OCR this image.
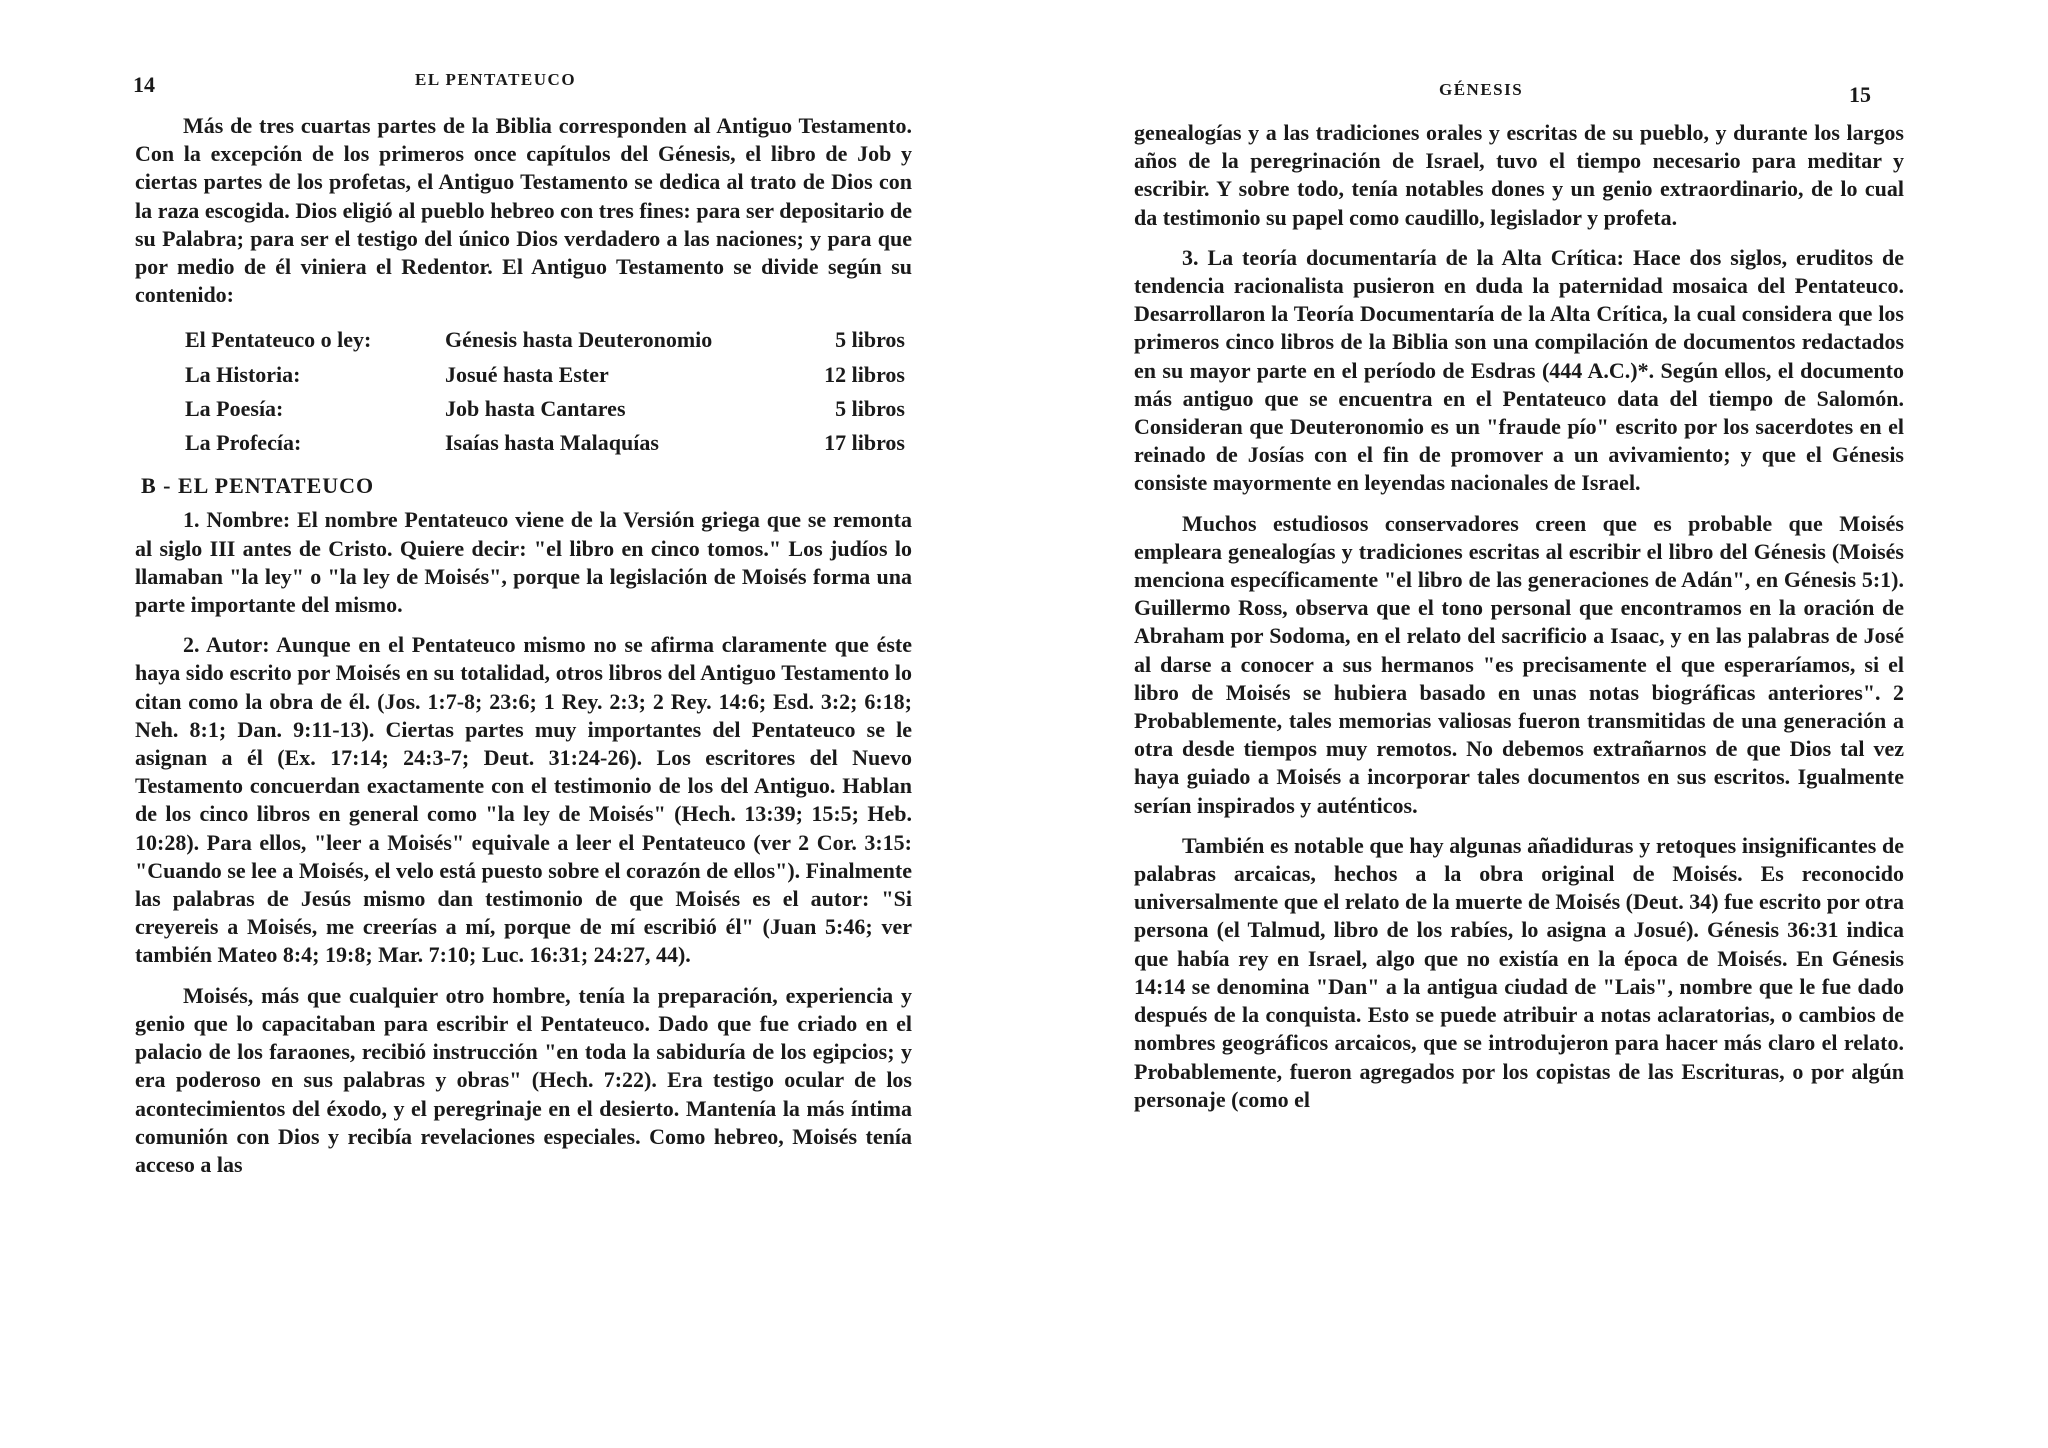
14	EL PENTATEUCO

Más de tres cuartas partes de la Biblia corresponden al Antiguo Testamento. Con la excepción de los primeros once capítulos del Génesis, el libro de Job y ciertas partes de los profetas, el Antiguo Testamento se dedica al trato de Dios con la raza escogida. Dios eligió al pueblo hebreo con tres fines: para ser depositario de su Palabra; para ser el testigo del único Dios verdadero a las naciones; y para que por medio de él viniera el Redentor. El Antiguo Testamento se divide según su contenido:

El Pentateuco o ley:	Génesis hasta Deuteronomio	5 libros
La Historia:	Josué hasta Ester	12 libros
La Poesía:	Job hasta Cantares	5 libros
La Profecía:	Isaías hasta Malaquías	17 libros
B - EL PENTATEUCO

1. Nombre: El nombre Pentateuco viene de la Versión griega que se remonta al siglo III antes de Cristo. Quiere decir: "el libro en cinco tomos." Los judíos lo llamaban "la ley" o "la ley de Moisés", porque la legislación de Moisés forma una parte importante del mismo.

2. Autor: Aunque en el Pentateuco mismo no se afirma claramente que éste haya sido escrito por Moisés en su totalidad, otros libros del Antiguo Testamento lo citan como la obra de él. (Jos. 1:7-8; 23:6; 1 Rey. 2:3; 2 Rey. 14:6; Esd. 3:2; 6:18; Neh. 8:1; Dan. 9:11-13). Ciertas partes muy importantes del Pentateuco se le asignan a él (Ex. 17:14; 24:3-7; Deut. 31:24-26). Los escritores del Nuevo Testamento concuerdan exactamente con el testimonio de los del Antiguo. Hablan de los cinco libros en general como "la ley de Moisés" (Hech. 13:39; 15:5; Heb. 10:28). Para ellos, "leer a Moisés" equivale a leer el Pentateuco (ver 2 Cor. 3:15: "Cuando se lee a Moisés, el velo está puesto sobre el corazón de ellos"). Finalmente las palabras de Jesús mismo dan testimonio de que Moisés es el autor: "Si creyereis a Moisés, me creerías a mí, porque de mí escribió él" (Juan 5:46; ver también Mateo 8:4; 19:8; Mar. 7:10; Luc. 16:31; 24:27, 44).

Moisés, más que cualquier otro hombre, tenía la preparación, experiencia y genio que lo capacitaban para escribir el Pentateuco. Dado que fue criado en el palacio de los faraones, recibió instrucción "en toda la sabiduría de los egipcios; y era poderoso en sus palabras y obras" (Hech. 7:22). Era testigo ocular de los acontecimientos del éxodo, y el peregrinaje en el desierto. Mantenía la más íntima comunión con Dios y recibía revelaciones especiales. Como hebreo, Moisés tenía acceso a las

GÉNESIS	15

genealogías y a las tradiciones orales y escritas de su pueblo, y durante los largos años de la peregrinación de Israel, tuvo el tiempo necesario para meditar y escribir. Y sobre todo, tenía notables dones y un genio extraordinario, de lo cual da testimonio su papel como caudillo, legislador y profeta.

3. La teoría documentaría de la Alta Crítica: Hace dos siglos, eruditos de tendencia racionalista pusieron en duda la paternidad mosaica del Pentateuco. Desarrollaron la Teoría Documentaría de la Alta Crítica, la cual considera que los primeros cinco libros de la Biblia son una compilación de documentos redactados en su mayor parte en el período de Esdras (444 A.C.)*. Según ellos, el documento más antiguo que se encuentra en el Pentateuco data del tiempo de Salomón. Consideran que Deuteronomio es un "fraude pío" escrito por los sacerdotes en el reinado de Josías con el fin de promover a un avivamiento; y que el Génesis consiste mayormente en leyendas nacionales de Israel.

Muchos estudiosos conservadores creen que es probable que Moisés empleara genealogías y tradiciones escritas al escribir el libro del Génesis (Moisés menciona específicamente "el libro de las generaciones de Adán", en Génesis 5:1). Guillermo Ross, observa que el tono personal que encontramos en la oración de Abraham por Sodoma, en el relato del sacrificio a Isaac, y en las palabras de José al darse a conocer a sus hermanos "es precisamente el que esperaríamos, si el libro de Moisés se hubiera basado en unas notas biográficas anteriores". 2 Probablemente, tales memorias valiosas fueron transmitidas de una generación a otra desde tiempos muy remotos. No debemos extrañarnos de que Dios tal vez haya guiado a Moisés a incorporar tales documentos en sus escritos. Igualmente serían inspirados y auténticos.

También es notable que hay algunas añadiduras y retoques insignificantes de palabras arcaicas, hechos a la obra original de Moisés. Es reconocido universalmente que el relato de la muerte de Moisés (Deut. 34) fue escrito por otra persona (el Talmud, libro de los rabíes, lo asigna a Josué). Génesis 36:31 indica que había rey en Israel, algo que no existía en la época de Moisés. En Génesis 14:14 se denomina "Dan" a la antigua ciudad de "Lais", nombre que le fue dado después de la conquista. Esto se puede atribuir a notas aclaratorias, o cambios de nombres geográficos arcaicos, que se introdujeron para hacer más claro el relato. Probablemente, fueron agregados por los copistas de las Escrituras, o por algún personaje (como el
